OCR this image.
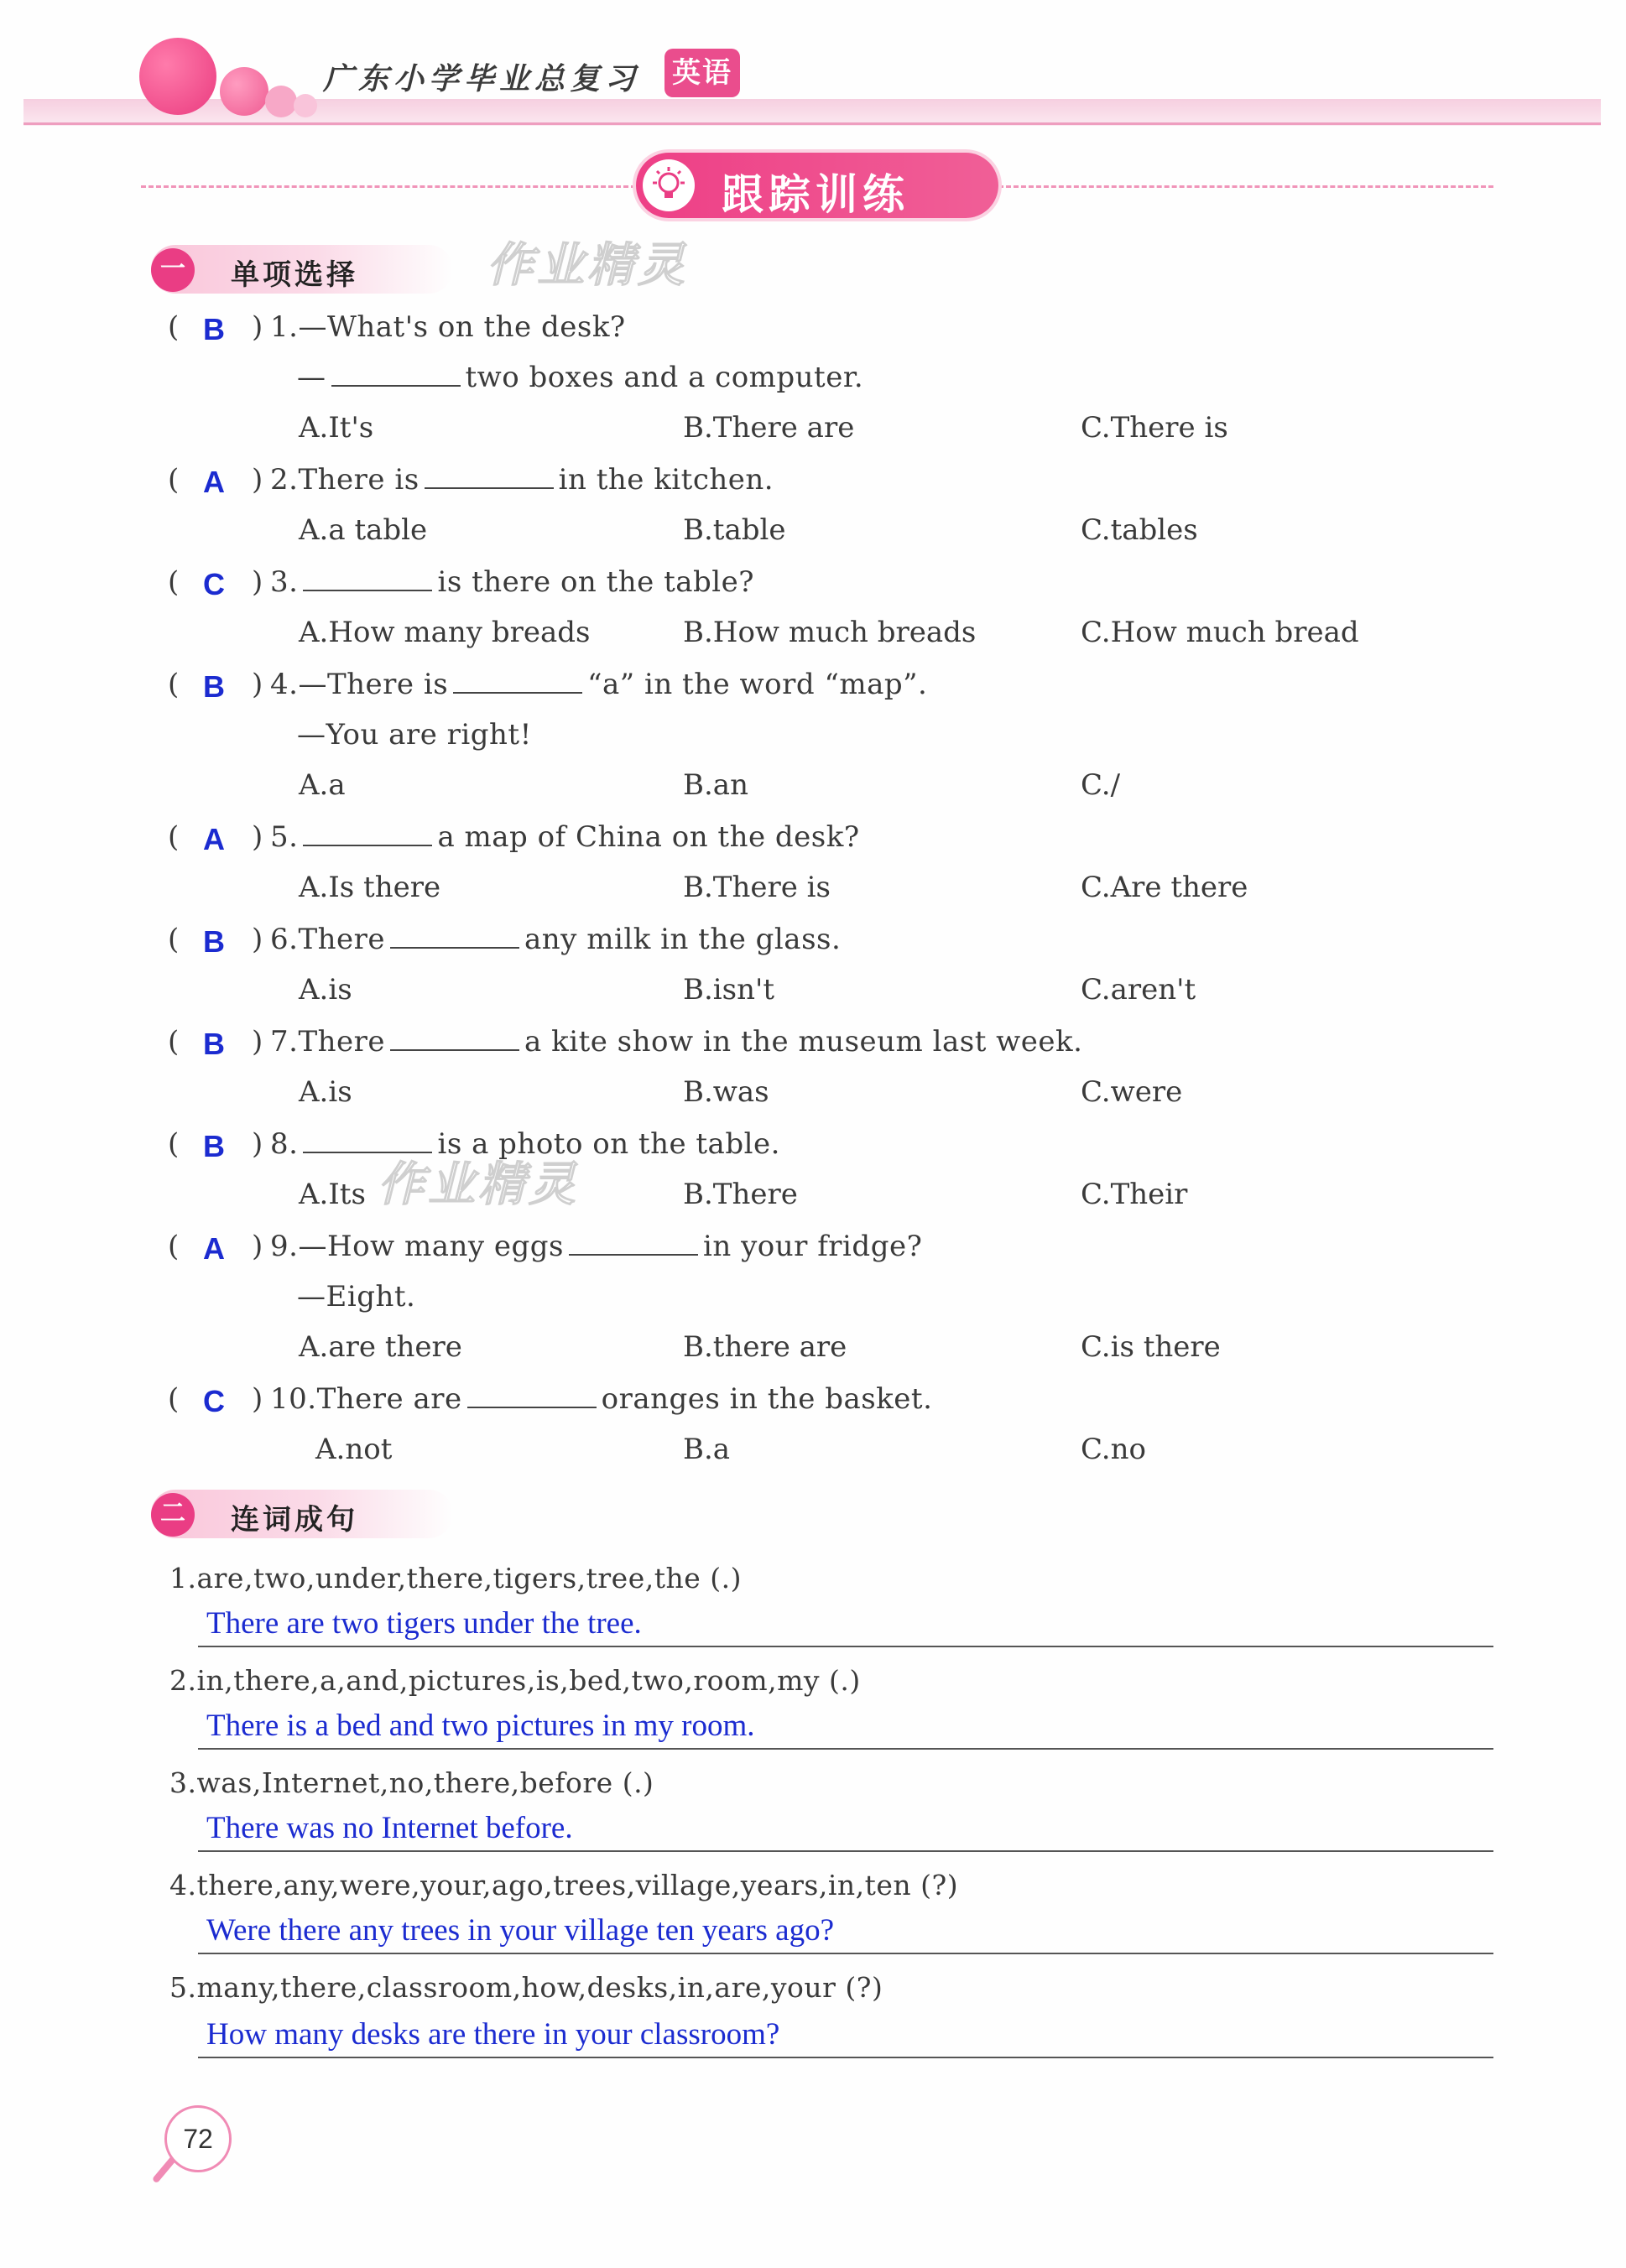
广东小学毕业总复习 英语
跟踪训练
一	单项选择	作业精灵
( B ) 1.—What's on the desk?
—	two boxes and a computer.
A.It's	B.There are	C.There is
( A ) 2.There is	in the kitchen.
A.a table	B.table	C.tables
( C ) 3.	is there on the table?
A.How many breads	B.How much breads	C.How much bread
( B ) 4.—There is	“a” in the word “map”.
—You are right!
A.a	B.an	C./
( A ) 5.	a map of China on the desk?
A.Is there	B.There is	C.Are there
( B ) 6.There	any milk in the glass.
A.is	B.isn't	C.aren't
( B ) 7.There	a kite show in the museum last week.
A.is	B.was	C.were
( B ) 8.	is a photo on the table.
作业精灵
A.Its	B.There	C.Their
( A ) 9.—How many eggs	in your fridge?
—Eight.
A.are there	B.there are	C.is there
( C ) 10.There are	oranges in the basket.
A.not	B.a	C.no
二	连词成句
1.are,two,under,there,tigers,tree,the (.)
There are two tigers under the tree.
2.in,there,a,and,pictures,is,bed,two,room,my (.)
There is a bed and two pictures in my room.
3.was,Internet,no,there,before (.)
There was no Internet before.
4.there,any,were,your,ago,trees,village,years,in,ten (?)
Were there any trees in your village ten years ago?
5.many,there,classroom,how,desks,in,are,your (?)
How many desks are there in your classroom?
72
